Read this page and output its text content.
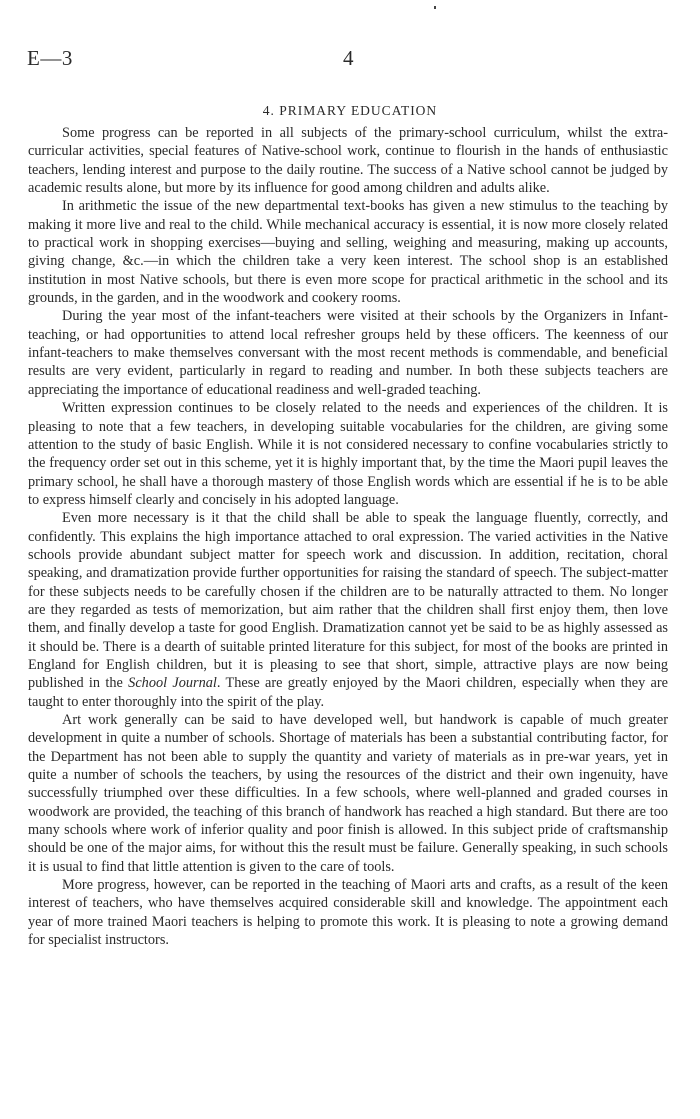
E—3	4
4. PRIMARY EDUCATION

Some progress can be reported in all subjects of the primary-school curriculum, whilst the extra-curricular activities, special features of Native-school work, continue to flourish in the hands of enthusiastic teachers, lending interest and purpose to the daily routine. The success of a Native school cannot be judged by academic results alone, but more by its influence for good among children and adults alike.

In arithmetic the issue of the new departmental text-books has given a new stimulus to the teaching by making it more live and real to the child. While mechanical accuracy is essential, it is now more closely related to practical work in shopping exercises—buying and selling, weighing and measuring, making up accounts, giving change, &c.—in which the children take a very keen interest. The school shop is an established institution in most Native schools, but there is even more scope for practical arithmetic in the school and its grounds, in the garden, and in the woodwork and cookery rooms.

During the year most of the infant-teachers were visited at their schools by the Organizers in Infant-teaching, or had opportunities to attend local refresher groups held by these officers. The keenness of our infant-teachers to make themselves conversant with the most recent methods is commendable, and beneficial results are very evident, particularly in regard to reading and number. In both these subjects teachers are appreciating the importance of educational readiness and well-graded teaching.

Written expression continues to be closely related to the needs and experiences of the children. It is pleasing to note that a few teachers, in developing suitable vocabularies for the children, are giving some attention to the study of basic English. While it is not considered necessary to confine vocabularies strictly to the frequency order set out in this scheme, yet it is highly important that, by the time the Maori pupil leaves the primary school, he shall have a thorough mastery of those English words which are essential if he is to be able to express himself clearly and concisely in his adopted language.

Even more necessary is it that the child shall be able to speak the language fluently, correctly, and confidently. This explains the high importance attached to oral expression. The varied activities in the Native schools provide abundant subject matter for speech work and discussion. In addition, recitation, choral speaking, and dramatization provide further opportunities for raising the standard of speech. The subject-matter for these subjects needs to be carefully chosen if the children are to be naturally attracted to them. No longer are they regarded as tests of memorization, but aim rather that the children shall first enjoy them, then love them, and finally develop a taste for good English. Dramatization cannot yet be said to be as highly assessed as it should be. There is a dearth of suitable printed literature for this subject, for most of the books are printed in England for English children, but it is pleasing to see that short, simple, attractive plays are now being published in the School Journal. These are greatly enjoyed by the Maori children, especially when they are taught to enter thoroughly into the spirit of the play.

Art work generally can be said to have developed well, but handwork is capable of much greater development in quite a number of schools. Shortage of materials has been a substantial contributing factor, for the Department has not been able to supply the quantity and variety of materials as in pre-war years, yet in quite a number of schools the teachers, by using the resources of the district and their own ingenuity, have successfully triumphed over these difficulties. In a few schools, where well-planned and graded courses in woodwork are provided, the teaching of this branch of handwork has reached a high standard. But there are too many schools where work of inferior quality and poor finish is allowed. In this subject pride of craftsmanship should be one of the major aims, for without this the result must be failure. Generally speaking, in such schools it is usual to find that little attention is given to the care of tools.

More progress, however, can be reported in the teaching of Maori arts and crafts, as a result of the keen interest of teachers, who have themselves acquired considerable skill and knowledge. The appointment each year of more trained Maori teachers is helping to promote this work. It is pleasing to note a growing demand for specialist instructors.
